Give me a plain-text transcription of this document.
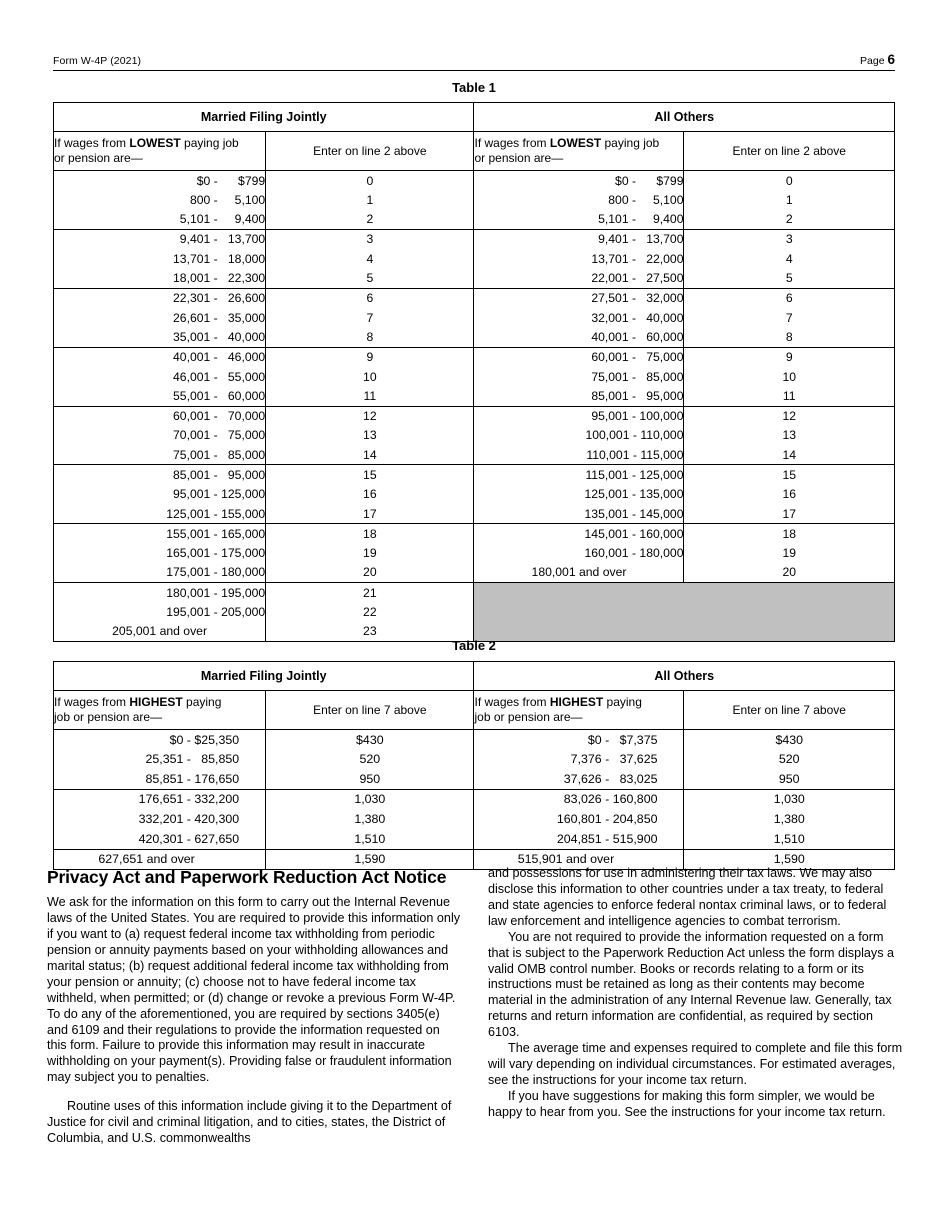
Form W-4P (2021)	Page 6
Table 1
Married Filing Jointly		All Others	
If wages from LOWEST paying job
or pension are—	Enter on line 2 above	If wages from LOWEST paying job
or pension are—	Enter on line 2 above
$0 -      $799	0	$0 -      $799	0
800 -     5,100	1	800 -     5,100	1
5,101 -     9,400	2	5,101 -     9,400	2
9,401 -   13,700	3	9,401 -   13,700	3
13,701 -   18,000	4	13,701 -   22,000	4
18,001 -   22,300	5	22,001 -   27,500	5
22,301 -   26,600	6	27,501 -   32,000	6
26,601 -   35,000	7	32,001 -   40,000	7
35,001 -   40,000	8	40,001 -   60,000	8
40,001 -   46,000	9	60,001 -   75,000	9
46,001 -   55,000	10	75,001 -   85,000	10
55,001 -   60,000	11	85,001 -   95,000	11
60,001 -   70,000	12	95,001 - 100,000	12
70,001 -   75,000	13	100,001 - 110,000	13
75,001 -   85,000	14	110,001 - 115,000	14
85,001 -   95,000	15	115,001 - 125,000	15
95,001 - 125,000	16	125,001 - 135,000	16
125,001 - 155,000	17	135,001 - 145,000	17
155,001 - 165,000	18	145,001 - 160,000	18
165,001 - 175,000	19	160,001 - 180,000	19
175,001 - 180,000	20	180,001 and over	20
180,001 - 195,000	21		
195,001 - 205,000	22		
205,001 and over	23		
Table 2
Married Filing Jointly		All Others	
If wages from HIGHEST paying
job or pension are—	Enter on line 7 above	If wages from HIGHEST paying
job or pension are—	Enter on line 7 above
$0 - $25,350	$430	$0 -   $7,375	$430
25,351 -   85,850	520	7,376 -   37,625	520
85,851 - 176,650	950	37,626 -   83,025	950
176,651 - 332,200	1,030	83,026 - 160,800	1,030
332,201 - 420,300	1,380	160,801 - 204,850	1,380
420,301 - 627,650	1,510	204,851 - 515,900	1,510
627,651 and over	1,590	515,901 and over	1,590
Privacy Act and Paperwork Reduction Act Notice

We ask for the information on this form to carry out the Internal Revenue laws of the United States. You are required to provide this information only if you want to (a) request federal income tax withholding from periodic pension or annuity payments based on your withholding allowances and marital status; (b) request additional federal income tax withholding from your pension or annuity; (c) choose not to have federal income tax withheld, when permitted; or (d) change or revoke a previous Form W-4P. To do any of the aforementioned, you are required by sections 3405(e) and 6109 and their regulations to provide the information requested on this form. Failure to provide this information may result in inaccurate withholding on your payment(s). Providing false or fraudulent information may subject you to penalties.

Routine uses of this information include giving it to the Department of Justice for civil and criminal litigation, and to cities, states, the District of Columbia, and U.S. commonwealths

and possessions for use in administering their tax laws. We may also disclose this information to other countries under a tax treaty, to federal and state agencies to enforce federal nontax criminal laws, or to federal law enforcement and intelligence agencies to combat terrorism.

You are not required to provide the information requested on a form that is subject to the Paperwork Reduction Act unless the form displays a valid OMB control number. Books or records relating to a form or its instructions must be retained as long as their contents may become material in the administration of any Internal Revenue law. Generally, tax returns and return information are confidential, as required by section 6103.

The average time and expenses required to complete and file this form will vary depending on individual circumstances. For estimated averages, see the instructions for your income tax return.

If you have suggestions for making this form simpler, we would be happy to hear from you. See the instructions for your income tax return.
